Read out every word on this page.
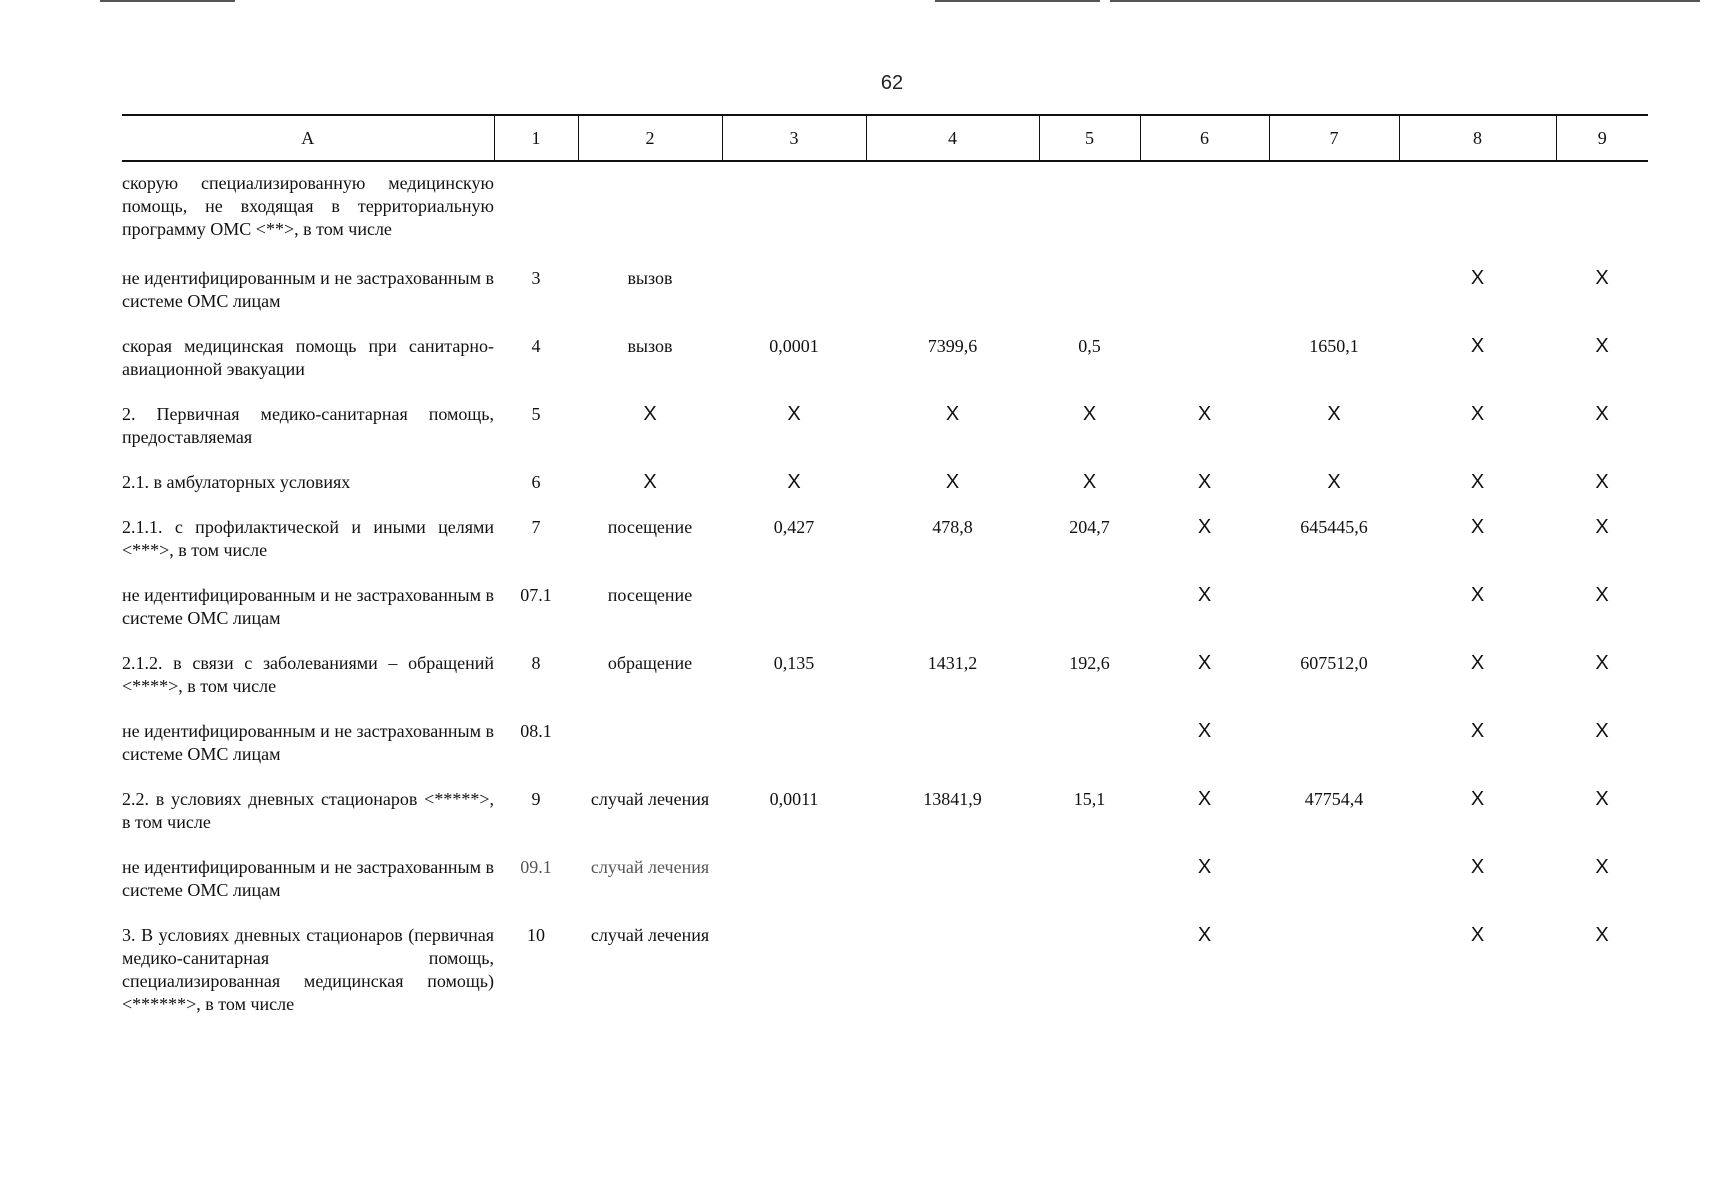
62
А	1	2	3	4	5	6	7	8	9
скорую специализированную медицинскую помощь, не входящая в территориальную программу ОМС <**>, в том числе									
не идентифицированным и не застрахованным в системе ОМС лицам	3	вызов						X	X
скорая медицинская помощь при санитарно-авиационной эвакуации	4	вызов	0,0001	7399,6	0,5		1650,1	X	X
2. Первичная медико-санитарная помощь, предоставляемая	5	X	X	X	X	X	X	X	X
2.1. в амбулаторных условиях	6	X	X	X	X	X	X	X	X
2.1.1. с профилактической и иными целями <***>, в том числе	7	посещение	0,427	478,8	204,7	X	645445,6	X	X
не идентифицированным и не застрахованным в системе ОМС лицам	07.1	посещение				X		X	X
2.1.2. в связи с заболеваниями – обращений <****>, в том числе	8	обращение	0,135	1431,2	192,6	X	607512,0	X	X
не идентифицированным и не застрахованным в системе ОМС лицам	08.1					X		X	X
2.2. в условиях дневных стационаров <*****>, в том числе	9	случай лечения	0,0011	13841,9	15,1	X	47754,4	X	X
не идентифицированным и не застрахованным в системе ОМС лицам	09.1	случай лечения				X		X	X
3. В условиях дневных стационаров (первичная медико-санитарная помощь, специализированная медицинская помощь) <******>, в том числе	10	случай лечения				X		X	X
